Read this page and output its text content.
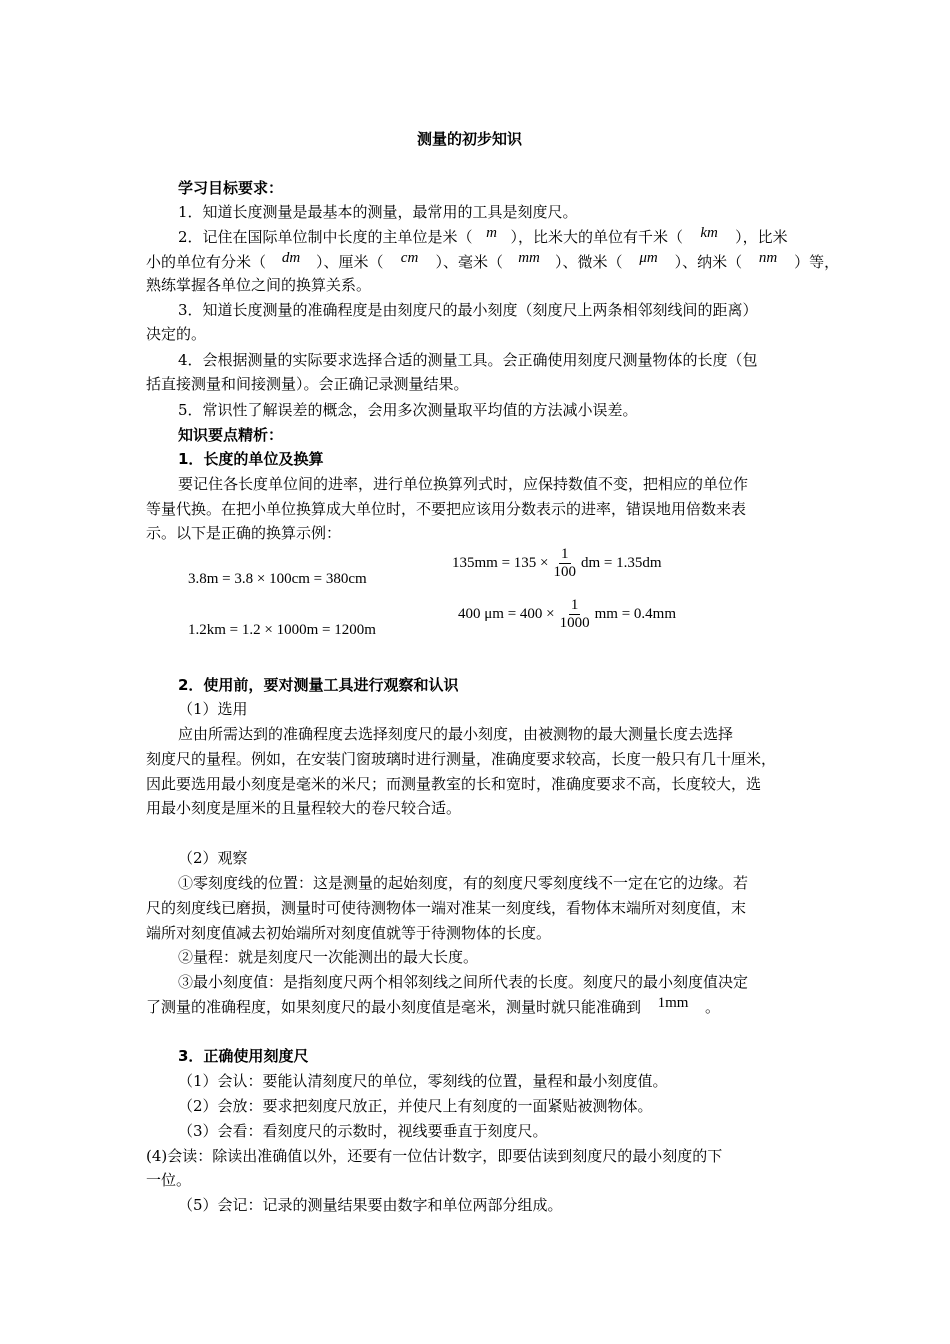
测量的初步知识
学习目标要求：
1．知道长度测量是最基本的测量，最常用的工具是刻度尺。
2．记住在国际单位制中长度的主单位是米（ m ），比米大的单位有千米（ km ），比米
小的单位有分米（ dm ）、厘米（ cm ）、毫米（ mm ）、微米（ μm ）、纳米（ nm ）等，
熟练掌握各单位之间的换算关系。
3．知道长度测量的准确程度是由刻度尺的最小刻度（刻度尺上两条相邻刻线间的距离）
决定的。
4．会根据测量的实际要求选择合适的测量工具。会正确使用刻度尺测量物体的长度（包
括直接测量和间接测量）。会正确记录测量结果。
5．常识性了解误差的概念，会用多次测量取平均值的方法减小误差。
知识要点精析：
1．长度的单位及换算
要记住各长度单位间的进率，进行单位换算列式时，应保持数值不变，把相应的单位作
等量代换。在把小单位换算成大单位时，不要把应该用分数表示的进率，错误地用倍数来表
示。以下是正确的换算示例：
3.8m = 3.8 × 100cm = 380cm
1.2km = 1.2 × 1000m = 1200m
$135mm = 135 \times \frac{1}{100}$ dm = 1.35dm
400 $\mu m = 400 \times \frac{1}{1000}$ mm = 0.4mm
2．使用前，要对测量工具进行观察和认识
（1）选用
应由所需达到的准确程度去选择刻度尺的最小刻度，由被测物的最大测量长度去选择
刻度尺的量程。例如，在安装门窗玻璃时进行测量，准确度要求较高，长度一般只有几十厘米，
因此要选用最小刻度是毫米的米尺；而测量教室的长和宽时，准确度要求不高，长度较大，选
用最小刻度是厘米的且量程较大的卷尺较合适。
（2）观察
①零刻度线的位置：这是测量的起始刻度，有的刻度尺零刻度线不一定在它的边缘。若
尺的刻度线已磨损，测量时可使待测物体一端对准某一刻度线，看物体末端所对刻度值，末
端所对刻度值减去初始端所对刻度值就等于待测物体的长度。
②量程：就是刻度尺一次能测出的最大长度。
③最小刻度值：是指刻度尺两个相邻刻线之间所代表的长度。刻度尺的最小刻度值决定
了测量的准确程度，如果刻度尺的最小刻度值是毫米，测量时就只能准确到 1mm 。
3．正确使用刻度尺
（1）会认：要能认清刻度尺的单位，零刻线的位置，量程和最小刻度值。
（2）会放：要求把刻度尺放正，并使尺上有刻度的一面紧贴被测物体。
（3）会看：看刻度尺的示数时，视线要垂直于刻度尺。
(4)会读：除读出准确值以外，还要有一位估计数字，即要估读到刻度尺的最小刻度的下
一位。
（5）会记：记录的测量结果要由数字和单位两部分组成。
